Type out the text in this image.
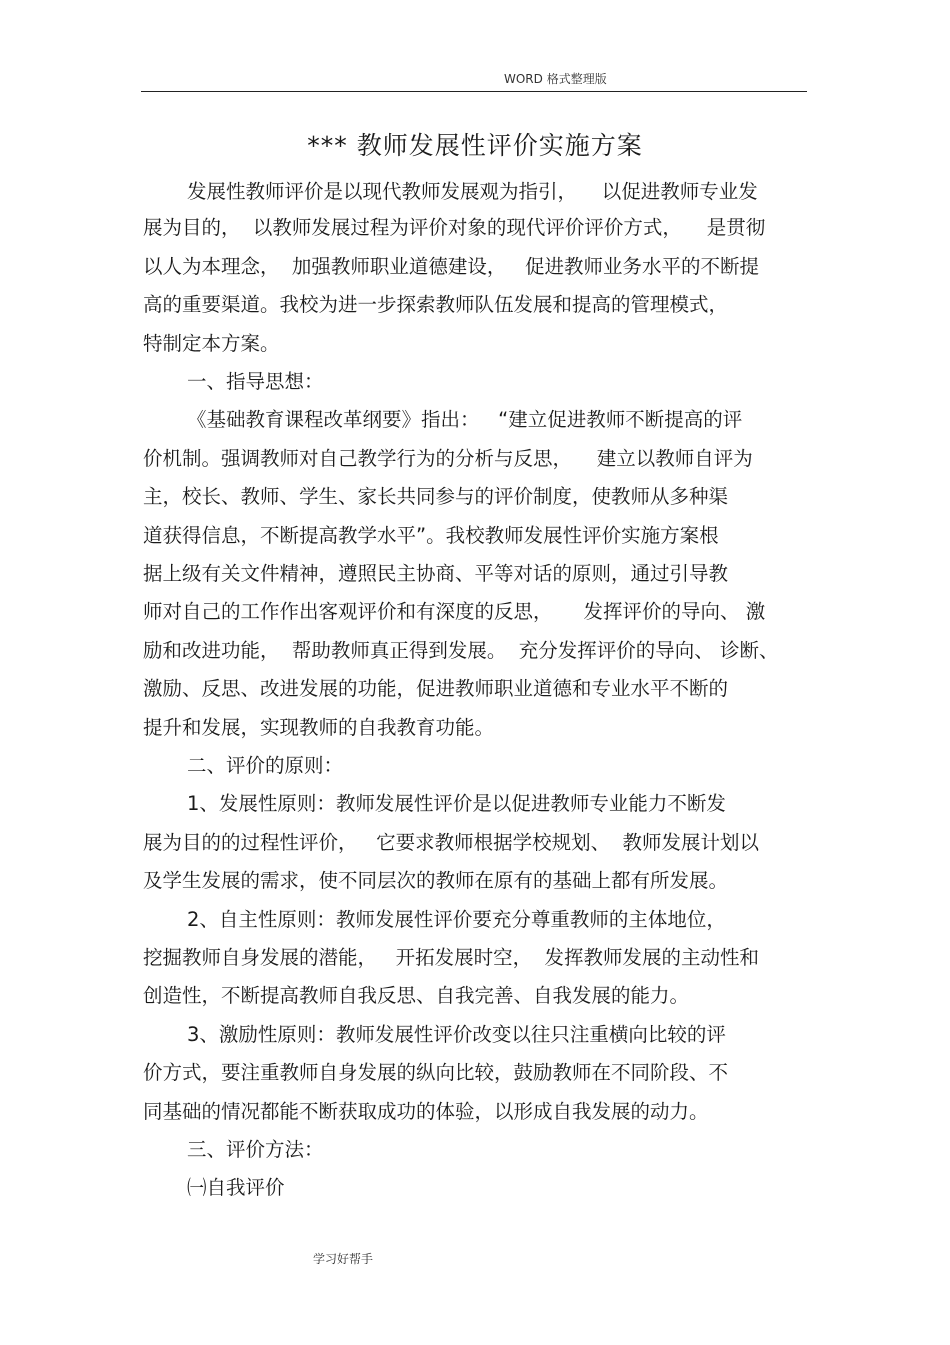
WORD 格式整理版
*** 教师发展性评价实施方案
发展性教师评价是以现代教师发展观为指引，    以促进教师专业发
展为目的，  以教师发展过程为评价对象的现代评价评价方式，    是贯彻
以人为本理念，  加强教师职业道德建设，   促进教师业务水平的不断提
高的重要渠道。我校为进一步探索教师队伍发展和提高的管理模式，
特制定本方案。
一、指导思想：
《基础教育课程改革纲要》指出：   “建立促进教师不断提高的评
价机制。强调教师对自己教学行为的分析与反思，    建立以教师自评为
主，校长、教师、学生、家长共同参与的评价制度，使教师从多种渠
道获得信息，不断提高教学水平”。我校教师发展性评价实施方案根
据上级有关文件精神，遵照民主协商、平等对话的原则，通过引导教
师对自己的工作作出客观评价和有深度的反思，     发挥评价的导向、 激
励和改进功能，  帮助教师真正得到发展。  充分发挥评价的导向、 诊断、
激励、反思、改进发展的功能，促进教师职业道德和专业水平不断的
提升和发展，实现教师的自我教育功能。
二、评价的原则：
1、发展性原则：教师发展性评价是以促进教师专业能力不断发
展为目的的过程性评价，   它要求教师根据学校规划、  教师发展计划以
及学生发展的需求，使不同层次的教师在原有的基础上都有所发展。
2、自主性原则：教师发展性评价要充分尊重教师的主体地位，
挖掘教师自身发展的潜能，   开拓发展时空，  发挥教师发展的主动性和
创造性，不断提高教师自我反思、自我完善、自我发展的能力。
3、激励性原则：教师发展性评价改变以往只注重横向比较的评
价方式，要注重教师自身发展的纵向比较，鼓励教师在不同阶段、不
同基础的情况都能不断获取成功的体验，以形成自我发展的动力。
三、评价方法：
㈠自我评价
学习好帮手
